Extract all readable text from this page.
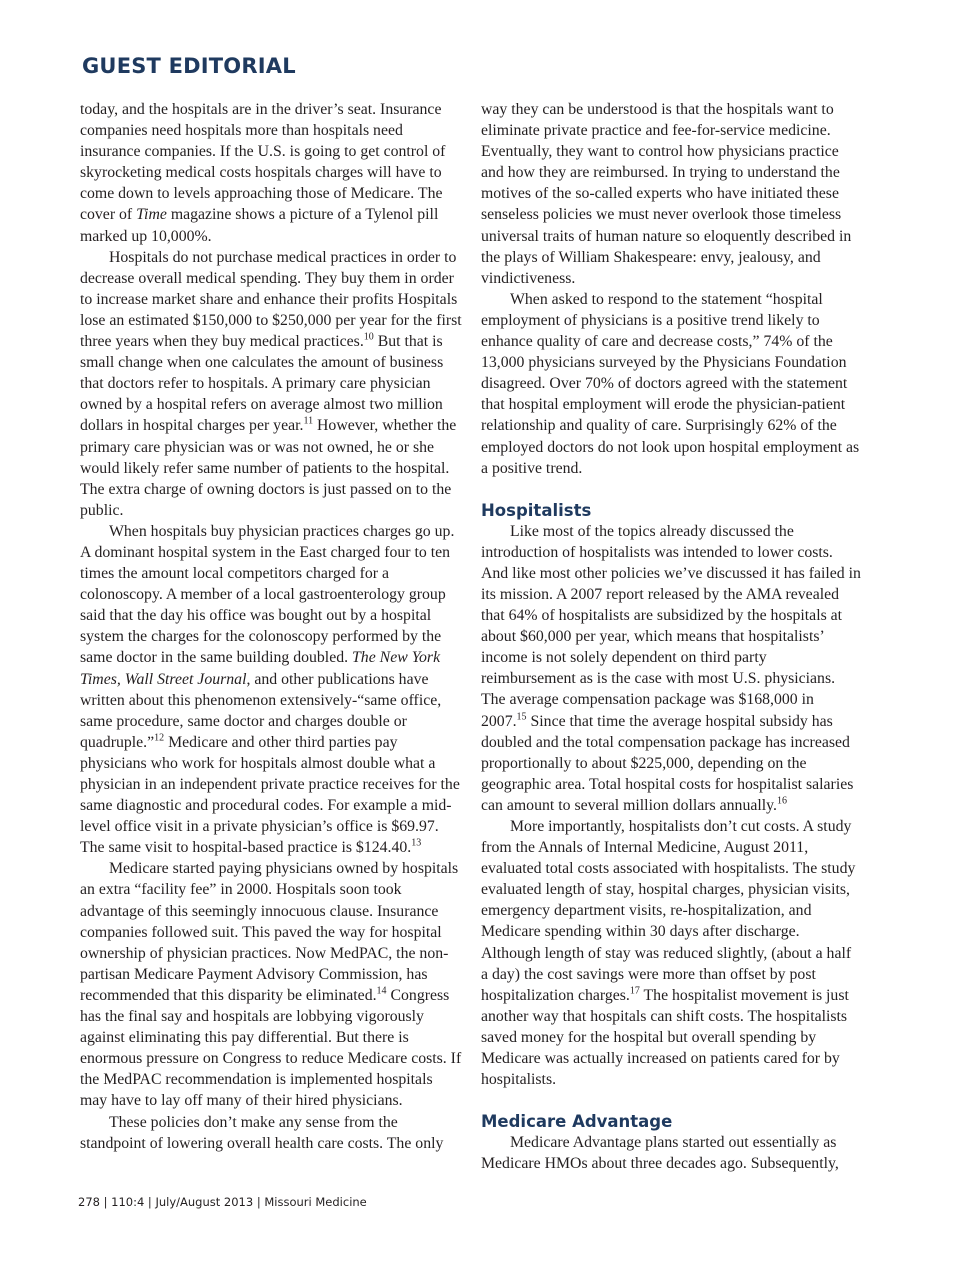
GUEST EDITORIAL

today, and the hospitals are in the driver’s seat. Insurance companies need hospitals more than hospitals need insurance companies. If the U.S. is going to get control of skyrocketing medical costs hospitals charges will have to come down to levels approaching those of Medicare. The cover of Time magazine shows a picture of a Tylenol pill marked up 10,000%.

Hospitals do not purchase medical practices in order to decrease overall medical spending. They buy them in order to increase market share and enhance their profits Hospitals lose an estimated $150,000 to $250,000 per year for the first three years when they buy medical practices.$^{10}$ But that is small change when one calculates the amount of business that doctors refer to hospitals. A primary care physician owned by a hospital refers on average almost two million dollars in hospital charges per year.$^{11}$ However, whether the primary care physician was or was not owned, he or she would likely refer same number of patients to the hospital. The extra charge of owning doctors is just passed on to the public.

When hospitals buy physician practices charges go up. A dominant hospital system in the East charged four to ten times the amount local competitors charged for a colonoscopy. A member of a local gastroenterology group said that the day his office was bought out by a hospital system the charges for the colonoscopy performed by the same doctor in the same building doubled. The New York Times, Wall Street Journal, and other publications have written about this phenomenon extensively-“same office, same procedure, same doctor and charges double or quadruple.”$^{12}$ Medicare and other third parties pay physicians who work for hospitals almost double what a physician in an independent private practice receives for the same diagnostic and procedural codes. For example a mid-level office visit in a private physician’s office is $69.97. The same visit to hospital-based practice is $124.40.13

Medicare started paying physicians owned by hospitals an extra “facility fee” in 2000. Hospitals soon took advantage of this seemingly innocuous clause. Insurance companies followed suit. This paved the way for hospital ownership of physician practices. Now MedPAC, the non-partisan Medicare Payment Advisory Commission, has recommended that this disparity be eliminated.$^{14}$ Congress has the final say and hospitals are lobbying vigorously against eliminating this pay differential. But there is enormous pressure on Congress to reduce Medicare costs. If the MedPAC recommendation is implemented hospitals may have to lay off many of their hired physicians.

These policies don’t make any sense from the standpoint of lowering overall health care costs. The only

way they can be understood is that the hospitals want to eliminate private practice and fee-for-service medicine. Eventually, they want to control how physicians practice and how they are reimbursed. In trying to understand the motives of the so-called experts who have initiated these senseless policies we must never overlook those timeless universal traits of human nature so eloquently described in the plays of William Shakespeare: envy, jealousy, and vindictiveness.

When asked to respond to the statement “hospital employment of physicians is a positive trend likely to enhance quality of care and decrease costs,” 74% of the 13,000 physicians surveyed by the Physicians Foundation disagreed. Over 70% of doctors agreed with the statement that hospital employment will erode the physician-patient relationship and quality of care. Surprisingly 62% of the employed doctors do not look upon hospital employment as a positive trend.

Hospitalists

Like most of the topics already discussed the introduction of hospitalists was intended to lower costs. And like most other policies we’ve discussed it has failed in its mission. A 2007 report released by the AMA revealed that 64% of hospitalists are subsidized by the hospitals at about $60,000 per year, which means that hospitalists’ income is not solely dependent on third party reimbursement as is the case with most U.S. physicians. The average compensation package was $168,000 in 2007.15 Since that time the average hospital subsidy has doubled and the total compensation package has increased proportionally to about $225,000, depending on the geographic area. Total hospital costs for hospitalist salaries can amount to several million dollars annually.$^{16}$

More importantly, hospitalists don’t cut costs. A study from the Annals of Internal Medicine, August 2011, evaluated total costs associated with hospitalists. The study evaluated length of stay, hospital charges, physician visits, emergency department visits, re-hospitalization, and Medicare spending within 30 days after discharge. Although length of stay was reduced slightly, (about a half a day) the cost savings were more than offset by post hospitalization charges.$^{17}$ The hospitalist movement is just another way that hospitals can shift costs. The hospitalists saved money for the hospital but overall spending by Medicare was actually increased on patients cared for by hospitalists.

Medicare Advantage

Medicare Advantage plans started out essentially as Medicare HMOs about three decades ago. Subsequently,

278 | 110:4 | July/August 2013 | Missouri Medicine
